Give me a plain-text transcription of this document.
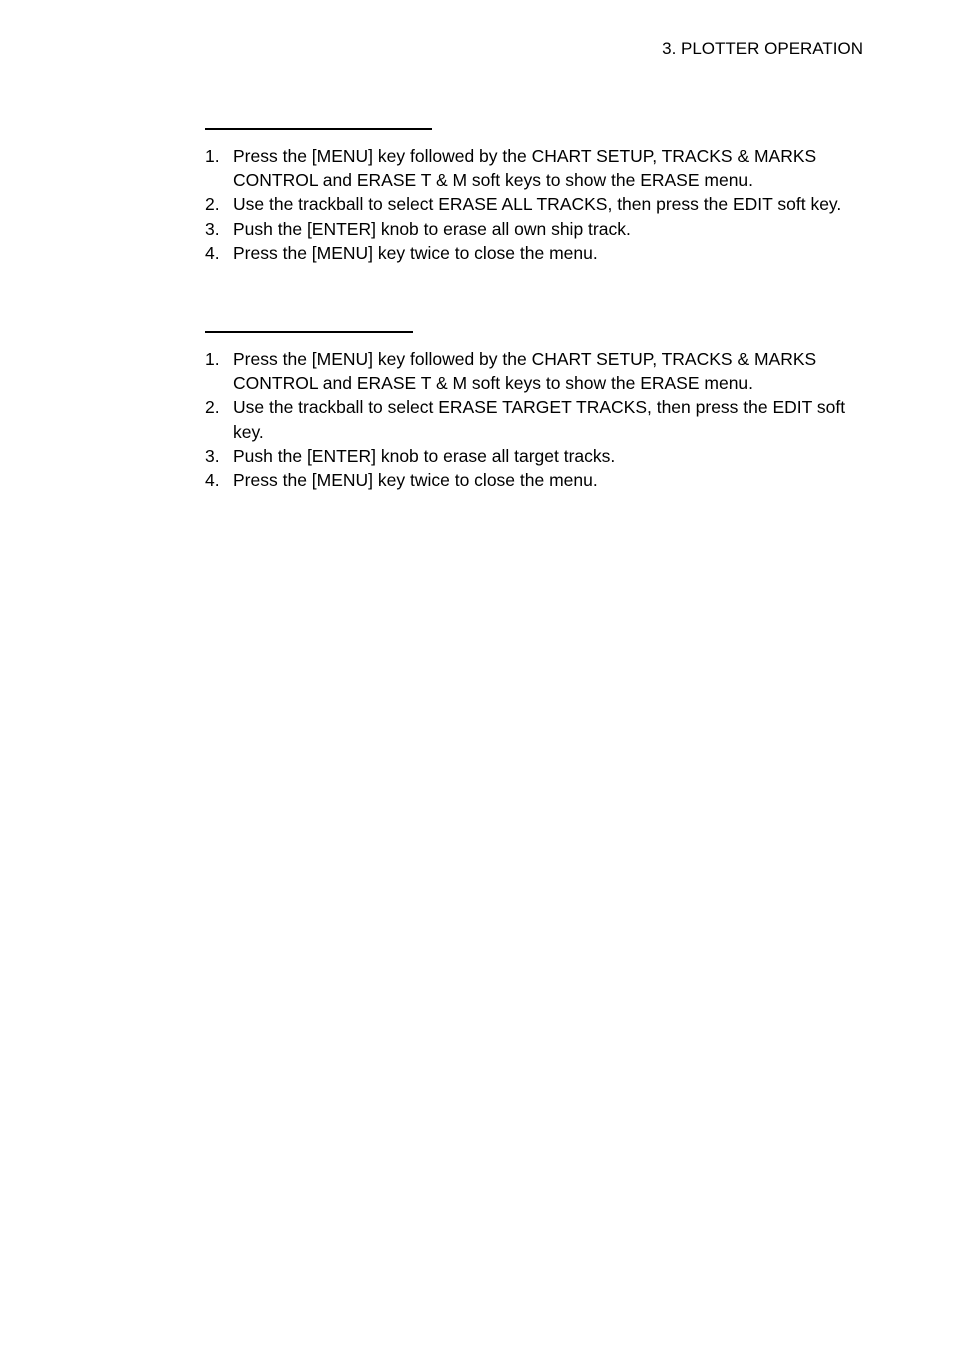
3. PLOTTER OPERATION
1. Press the [MENU] key followed by the CHART SETUP, TRACKS & MARKS CONTROL and ERASE T & M soft keys to show the ERASE menu.
2. Use the trackball to select ERASE ALL TRACKS, then press the EDIT soft key.
3. Push the [ENTER] knob to erase all own ship track.
4. Press the [MENU] key twice to close the menu.
1. Press the [MENU] key followed by the CHART SETUP, TRACKS & MARKS CONTROL and ERASE T & M soft keys to show the ERASE menu.
2. Use the trackball to select ERASE TARGET TRACKS, then press the EDIT soft key.
3. Push the [ENTER] knob to erase all target tracks.
4. Press the [MENU] key twice to close the menu.
